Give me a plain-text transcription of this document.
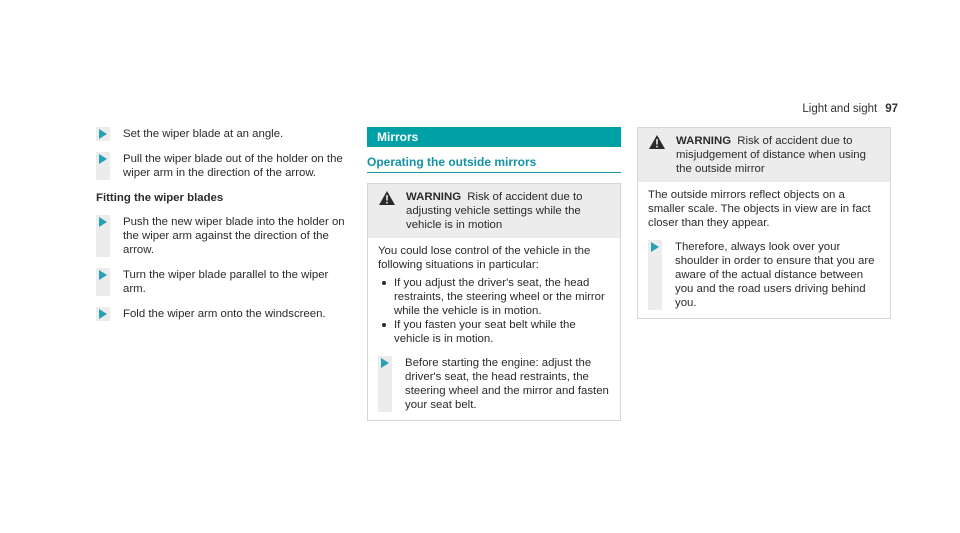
Light and sight 97

Set the wiper blade at an angle.

Pull the wiper blade out of the holder on the wiper arm in the direction of the arrow.

Fitting the wiper blades

Push the new wiper blade into the holder on the wiper arm against the direction of the arrow.

Turn the wiper blade parallel to the wiper arm.

Fold the wiper arm onto the windscreen.

Mirrors
Operating the outside mirrors
WARNING Risk of accident due to adjusting vehicle settings while the vehicle is in motion

You could lose control of the vehicle in the following situations in particular:

If you adjust the driver's seat, the head restraints, the steering wheel or the mirror while the vehicle is in motion.
If you fasten your seat belt while the vehicle is in motion.

Before starting the engine: adjust the driver's seat, the head restraints, the steering wheel and the mirror and fasten your seat belt.

WARNING Risk of accident due to misjudgement of distance when using the outside mirror

The outside mirrors reflect objects on a smaller scale. The objects in view are in fact closer than they appear.

Therefore, always look over your shoulder in order to ensure that you are aware of the actual distance between you and the road users driving behind you.
